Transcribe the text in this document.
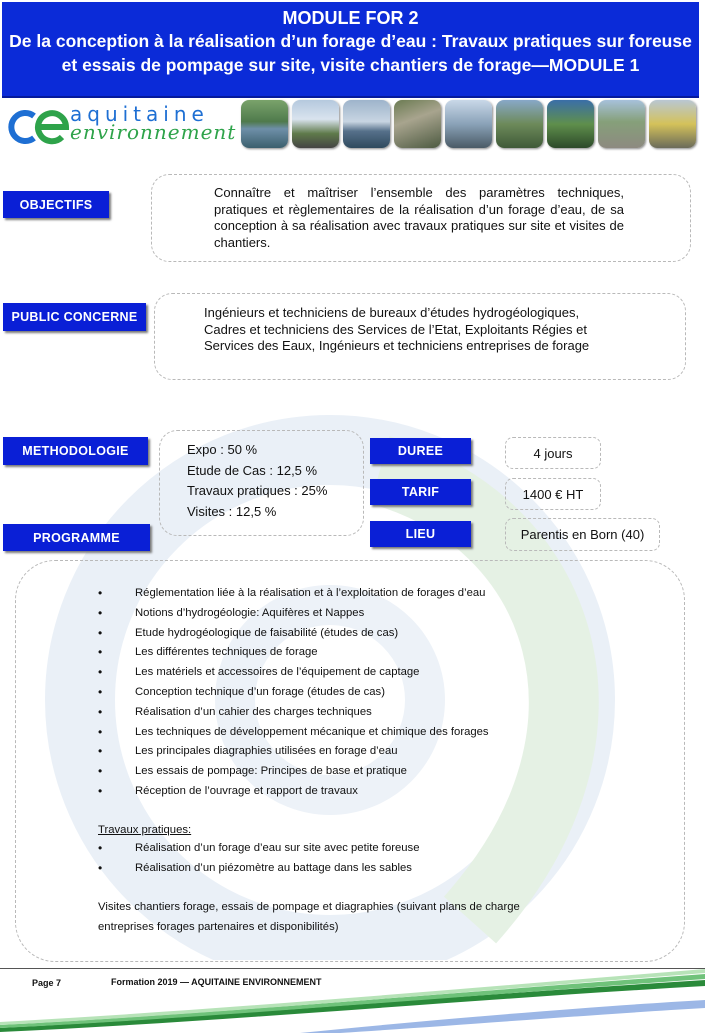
MODULE FOR 2
De la conception à la réalisation d’un forage d’eau : Travaux pratiques sur foreuse et essais de pompage sur site, visite chantiers de forage—MODULE 1
aquitaine
environnement
OBJECTIFS
Connaître et maîtriser l’ensemble des paramètres techniques, pratiques et règlementaires de la réalisation d’un forage d’eau, de sa conception à sa réalisation avec travaux pratiques sur site et visites de chantiers.
PUBLIC CONCERNE	Ingénieurs et techniciens de bureaux d’études hydrogéologiques, Cadres et techniciens des Services de l’Etat, Exploitants Régies et Services des Eaux, Ingénieurs et techniciens entreprises de forage
METHODOLOGIE	Expo : 50 %
Etude de Cas : 12,5 %
Travaux pratiques : 25%
Visites : 12,5 %
PROGRAMME
DUREE	4 jours
TARIF	1400 € HT
LIEU	Parentis en Born (40)
• Réglementation liée à la réalisation et à l’exploitation de forages d’eau
• Notions d’hydrogéologie: Aquifères et Nappes
• Etude hydrogéologique de faisabilité (études de cas)
• Les différentes techniques de forage
• Les matériels et accessoires de l’équipement de captage
• Conception technique d’un forage (études de cas)
• Réalisation d’un cahier des charges techniques
• Les techniques de développement mécanique et chimique des forages
• Les principales diagraphies utilisées en forage d’eau
• Les essais de pompage: Principes de base et pratique
• Réception de l’ouvrage et rapport de travaux
Travaux pratiques:
• Réalisation d’un forage d’eau sur site avec petite foreuse
• Réalisation d’un piézomètre au battage dans les sables
Visites chantiers forage, essais de pompage et diagraphies (suivant plans de charge entreprises forages partenaires et disponibilités)
Page 7	Formation 2019 — AQUITAINE ENVIRONNEMENT
